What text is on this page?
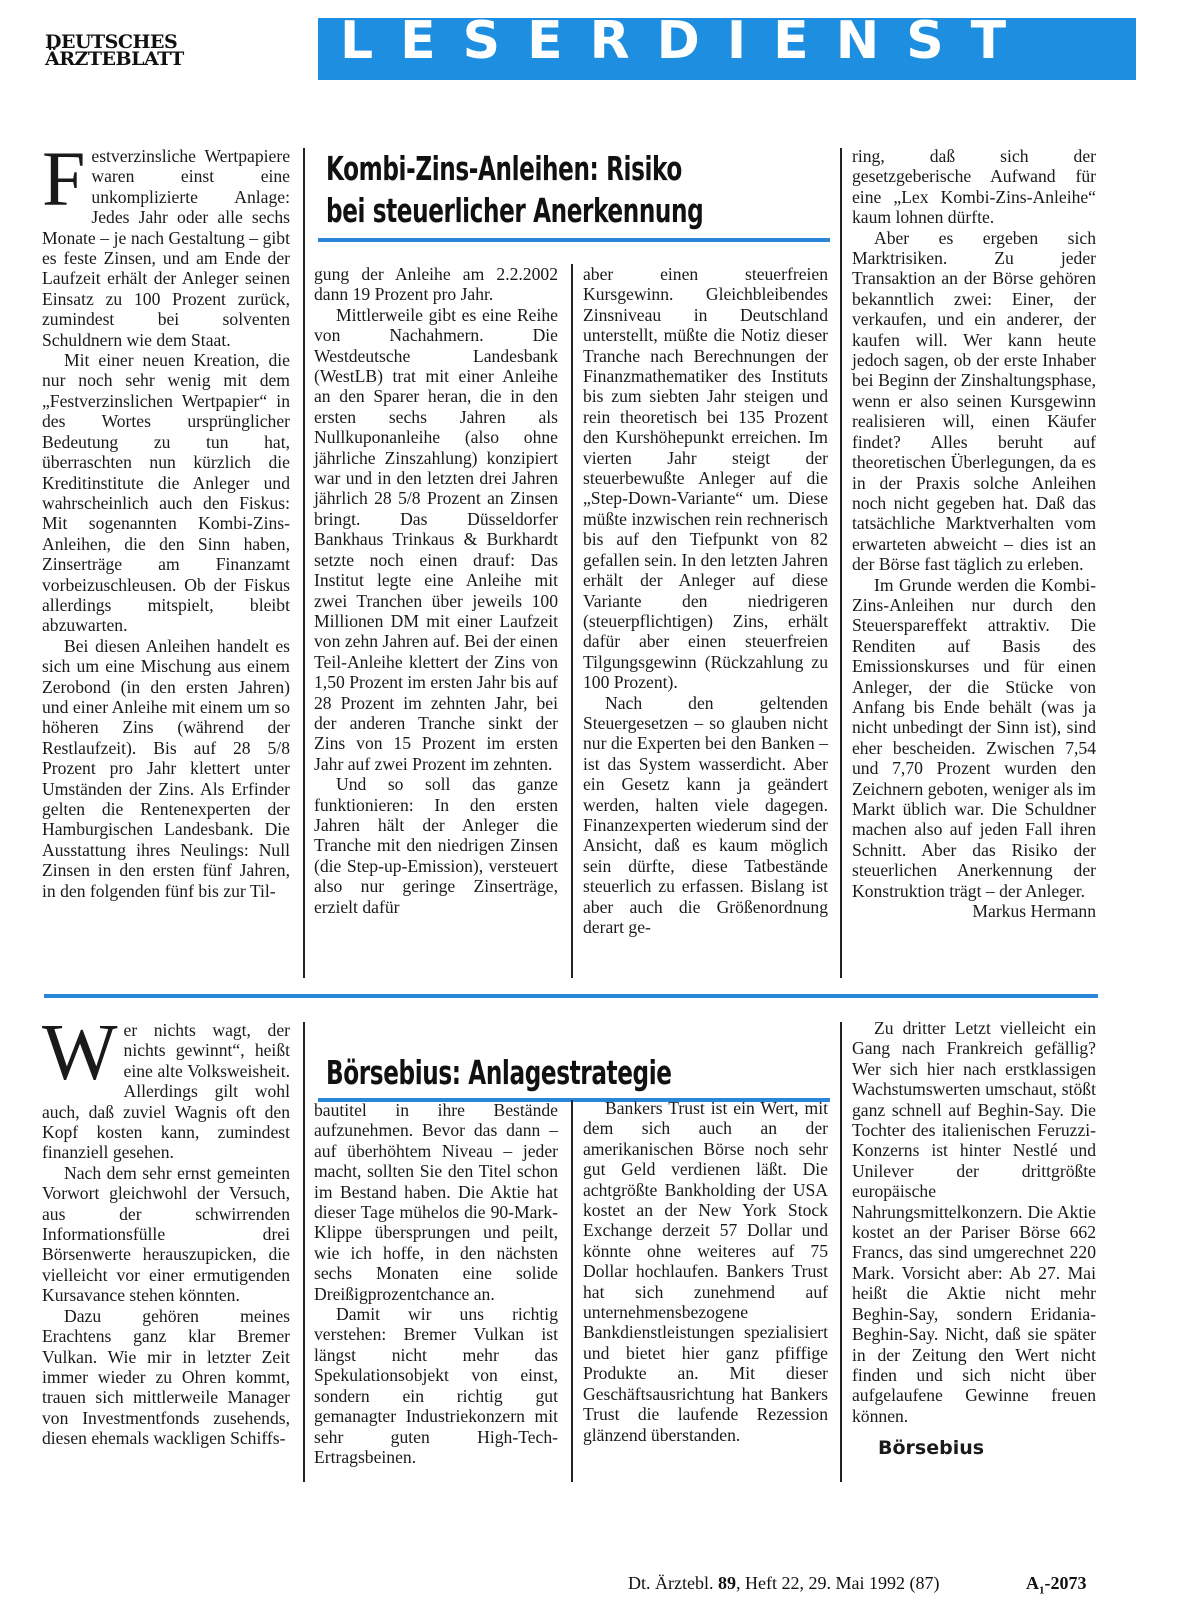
DEUTSCHES
ÄRZTEBLATT	LESERDIENST
Kombi-Zins-Anleihen: Risiko
bei steuerlicher Anerkennung

Festverzinsliche Wertpapiere waren einst eine unkomplizierte Anlage: Jedes Jahr oder alle sechs Monate – je nach Gestaltung – gibt es feste Zinsen, und am Ende der Laufzeit erhält der Anleger seinen Einsatz zu 100 Prozent zurück, zumindest bei solventen Schuldnern wie dem Staat.

Mit einer neuen Kreation, die nur noch sehr wenig mit dem „Festverzinslichen Wertpapier“ in des Wortes ursprünglicher Bedeutung zu tun hat, überraschten nun kürzlich die Kreditinstitute die Anleger und wahrscheinlich auch den Fiskus: Mit sogenannten Kombi-Zins-Anleihen, die den Sinn haben, Zinserträge am Finanzamt vorbeizuschleusen. Ob der Fiskus allerdings mitspielt, bleibt abzuwarten.

Bei diesen Anleihen handelt es sich um eine Mischung aus einem Zerobond (in den ersten Jahren) und einer Anleihe mit einem um so höheren Zins (während der Restlaufzeit). Bis auf 28 5/8 Prozent pro Jahr klettert unter Umständen der Zins. Als Erfinder gelten die Rentenexperten der Hamburgischen Landesbank. Die Ausstattung ihres Neulings: Null Zinsen in den ersten fünf Jahren, in den folgenden fünf bis zur Til-

gung der Anleihe am 2.2.2002 dann 19 Prozent pro Jahr.

Mittlerweile gibt es eine Reihe von Nachahmern. Die Westdeutsche Landesbank (WestLB) trat mit einer Anleihe an den Sparer heran, die in den ersten sechs Jahren als Nullkuponanleihe (also ohne jährliche Zinszahlung) konzipiert war und in den letzten drei Jahren jährlich 28 5/8 Prozent an Zinsen bringt. Das Düsseldorfer Bankhaus Trinkaus & Burkhardt setzte noch einen drauf: Das Institut legte eine Anleihe mit zwei Tranchen über jeweils 100 Millionen DM mit einer Laufzeit von zehn Jahren auf. Bei der einen Teil-Anleihe klettert der Zins von 1,50 Prozent im ersten Jahr bis auf 28 Prozent im zehnten Jahr, bei der anderen Tranche sinkt der Zins von 15 Prozent im ersten Jahr auf zwei Prozent im zehnten.

Und so soll das ganze funktionieren: In den ersten Jahren hält der Anleger die Tranche mit den niedrigen Zinsen (die Step-up-Emission), versteuert also nur geringe Zinserträge, erzielt dafür

aber einen steuerfreien Kursgewinn. Gleichbleibendes Zinsniveau in Deutschland unterstellt, müßte die Notiz dieser Tranche nach Berechnungen der Finanzmathematiker des Instituts bis zum siebten Jahr steigen und rein theoretisch bei 135 Prozent den Kurshöhepunkt erreichen. Im vierten Jahr steigt der steuerbewußte Anleger auf die „Step-Down-Variante“ um. Diese müßte inzwischen rein rechnerisch bis auf den Tiefpunkt von 82 gefallen sein. In den letzten Jahren erhält der Anleger auf diese Variante den niedrigeren (steuerpflichtigen) Zins, erhält dafür aber einen steuerfreien Tilgungsgewinn (Rückzahlung zu 100 Prozent).

Nach den geltenden Steuergesetzen – so glauben nicht nur die Experten bei den Banken – ist das System wasserdicht. Aber ein Gesetz kann ja geändert werden, halten viele dagegen. Finanzexperten wiederum sind der Ansicht, daß es kaum möglich sein dürfte, diese Tatbestände steuerlich zu erfassen. Bislang ist aber auch die Größenordnung derart ge-

ring, daß sich der gesetzgeberische Aufwand für eine „Lex Kombi-Zins-Anleihe“ kaum lohnen dürfte.

Aber es ergeben sich Marktrisiken. Zu jeder Transaktion an der Börse gehören bekanntlich zwei: Einer, der verkaufen, und ein anderer, der kaufen will. Wer kann heute jedoch sagen, ob der erste Inhaber bei Beginn der Zinshaltungsphase, wenn er also seinen Kursgewinn realisieren will, einen Käufer findet? Alles beruht auf theoretischen Überlegungen, da es in der Praxis solche Anleihen noch nicht gegeben hat. Daß das tatsächliche Marktverhalten vom erwarteten abweicht – dies ist an der Börse fast täglich zu erleben.

Im Grunde werden die Kombi-Zins-Anleihen nur durch den Steuerspareffekt attraktiv. Die Renditen auf Basis des Emissionskurses und für einen Anleger, der die Stücke von Anfang bis Ende behält (was ja nicht unbedingt der Sinn ist), sind eher bescheiden. Zwischen 7,54 und 7,70 Prozent wurden den Zeichnern geboten, weniger als im Markt üblich war. Die Schuldner machen also auf jeden Fall ihren Schnitt. Aber das Risiko der steuerlichen Anerkennung der Konstruktion trägt – der Anleger.

Markus Hermann
Börsebius: Anlagestrategie

Wer nichts wagt, der nichts gewinnt“, heißt eine alte Volksweisheit. Allerdings gilt wohl auch, daß zuviel Wagnis oft den Kopf kosten kann, zumindest finanziell gesehen.

Nach dem sehr ernst gemeinten Vorwort gleichwohl der Versuch, aus der schwirrenden Informationsfülle drei Börsenwerte herauszupicken, die vielleicht vor einer ermutigenden Kursavance stehen könnten.

Dazu gehören meines Erachtens ganz klar Bremer Vulkan. Wie mir in letzter Zeit immer wieder zu Ohren kommt, trauen sich mittlerweile Manager von Investmentfonds zusehends, diesen ehemals wackligen Schiffs-

bautitel in ihre Bestände aufzunehmen. Bevor das dann – auf überhöhtem Niveau – jeder macht, sollten Sie den Titel schon im Bestand haben. Die Aktie hat dieser Tage mühelos die 90-Mark-Klippe übersprungen und peilt, wie ich hoffe, in den nächsten sechs Monaten eine solide Dreißigprozentchance an.

Damit wir uns richtig verstehen: Bremer Vulkan ist längst nicht mehr das Spekulationsobjekt von einst, sondern ein richtig gut gemanagter Industriekonzern mit sehr guten High-Tech-Ertragsbeinen.

Bankers Trust ist ein Wert, mit dem sich auch an der amerikanischen Börse noch sehr gut Geld verdienen läßt. Die achtgrößte Bankholding der USA kostet an der New York Stock Exchange derzeit 57 Dollar und könnte ohne weiteres auf 75 Dollar hochlaufen. Bankers Trust hat sich zunehmend auf unternehmensbezogene Bankdienstleistungen spezialisiert und bietet hier ganz pfiffige Produkte an. Mit dieser Geschäftsausrichtung hat Bankers Trust die laufende Rezession glänzend überstanden.

Zu dritter Letzt vielleicht ein Gang nach Frankreich gefällig? Wer sich hier nach erstklassigen Wachstumswerten umschaut, stößt ganz schnell auf Beghin-Say. Die Tochter des italienischen Feruzzi-Konzerns ist hinter Nestlé und Unilever der drittgrößte europäische Nahrungsmittelkonzern. Die Aktie kostet an der Pariser Börse 662 Francs, das sind umgerechnet 220 Mark. Vorsicht aber: Ab 27. Mai heißt die Aktie nicht mehr Beghin-Say, sondern Eridania-Beghin-Say. Nicht, daß sie später in der Zeitung den Wert nicht finden und sich nicht über aufgelaufene Gewinne freuen können.

Börsebius
Dt. Ärztebl. 89, Heft 22, 29. Mai 1992 (87)	$A_1-2073$
